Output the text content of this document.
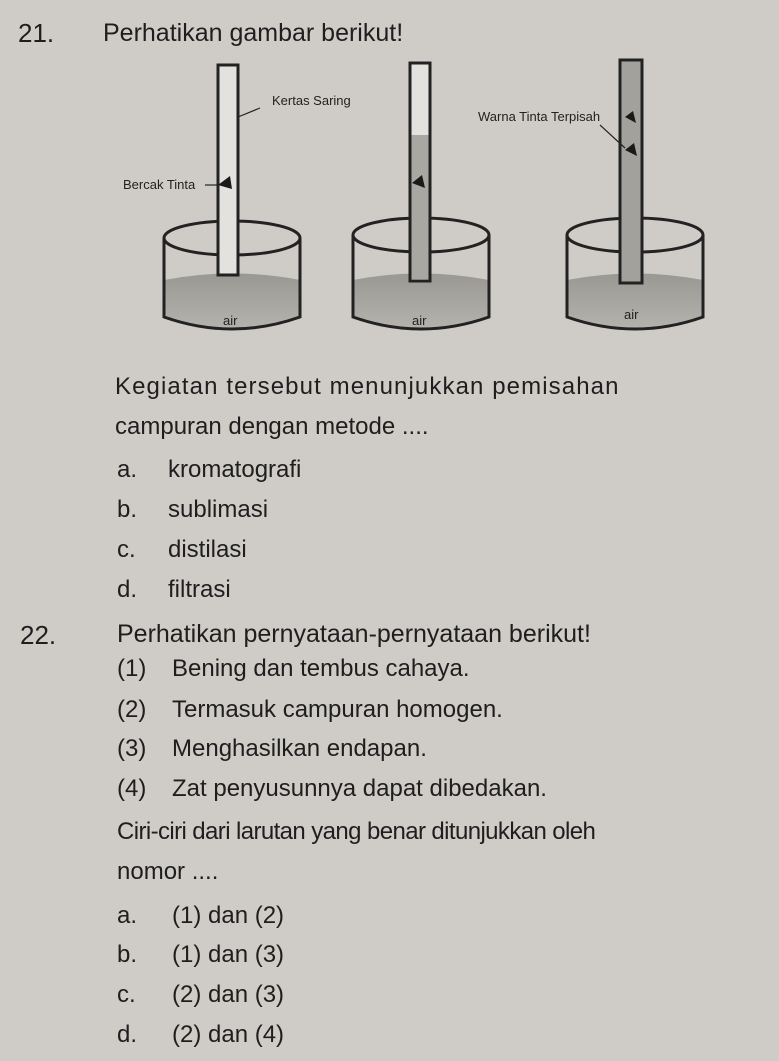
21. Perhatikan gambar berikut!
Kertas Saring
Bercak Tinta
Warna Tinta Terpisah
air	air	air
Kegiatan tersebut menunjukkan pemisahan
campuran dengan metode ....
a. kromatografi
b. sublimasi
c. distilasi
d. filtrasi
22. Perhatikan pernyataan-pernyataan berikut!
(1) Bening dan tembus cahaya.
(2) Termasuk campuran homogen.
(3) Menghasilkan endapan.
(4) Zat penyusunnya dapat dibedakan.
Ciri-ciri dari larutan yang benar ditunjukkan oleh
nomor ....
a. (1) dan (2)
b. (1) dan (3)
c. (2) dan (3)
d. (2) dan (4)
